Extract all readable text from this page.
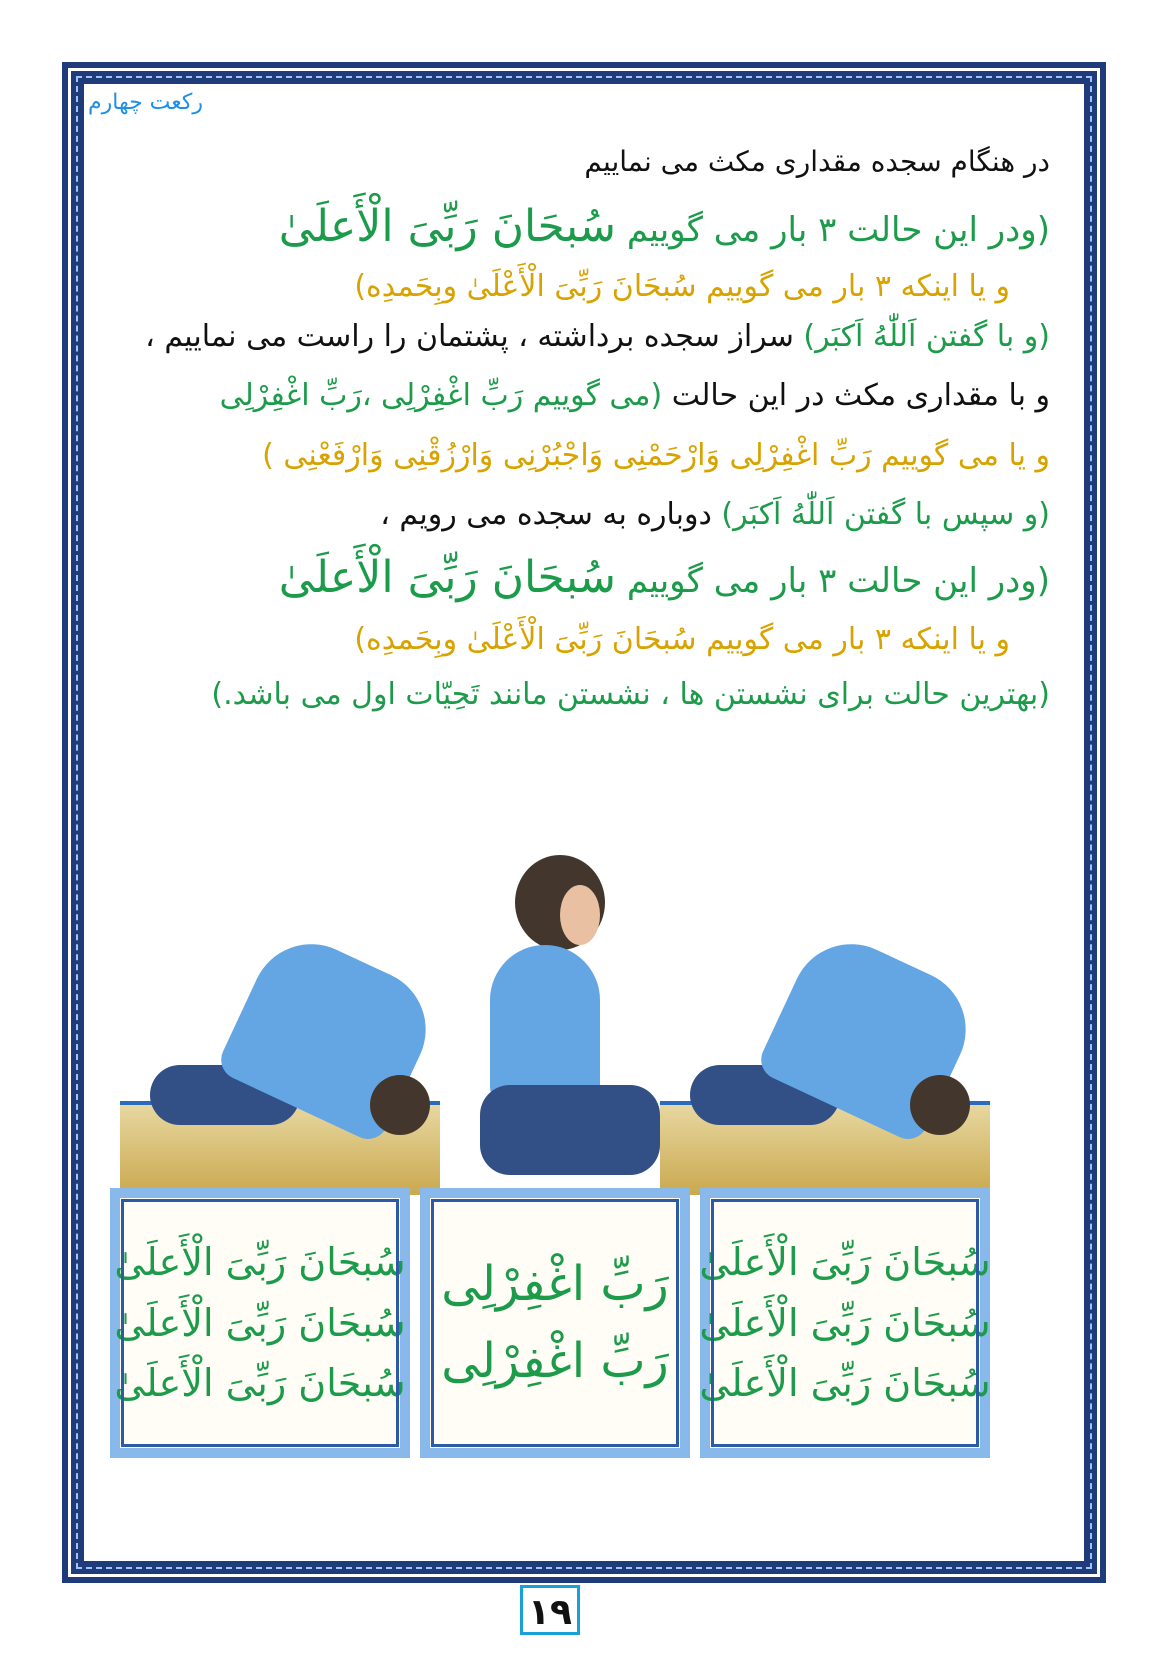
رکعت چهارم

در هنگام سجده مقداری مکث می نماییم

(ودر این حالت ۳ بار می گوییم سُبحَانَ رَبِّیَ الْأَعلَیٰ

و یا اینکه ۳ بار می گوییم سُبحَانَ رَبِّیَ الْأَعْلَیٰ وبِحَمدِه)

(و با گفتن اَللّٰهُ اَکبَر) سراز سجده برداشته ، پشتمان را راست می نماییم ،

و با مقداری مکث در این حالت (می گوییم رَبِّ اغْفِرْلِی ،رَبِّ اغْفِرْلِی

و یا می گوییم رَبِّ اغْفِرْلِی وَارْحَمْنِی وَاجْبُرْنِی وَارْزُقْنِی وَارْفَعْنِی )

(و سپس با گفتن اَللّٰهُ اَکبَر) دوباره به سجده می رویم ،

(ودر این حالت ۳ بار می گوییم سُبحَانَ رَبِّیَ الْأَعلَیٰ

و یا اینکه ۳ بار می گوییم سُبحَانَ رَبِّیَ الْأَعْلَیٰ وبِحَمدِه)

(بهترین حالت برای نشستن ها ، نشستن مانند تَحِیّات اول می باشد.)

سُبحَانَ رَبِّیَ الْأَعلَیٰ
سُبحَانَ رَبِّیَ الْأَعلَیٰ
سُبحَانَ رَبِّیَ الْأَعلَیٰ
رَبِّ اغْفِرْلِی
رَبِّ اغْفِرْلِی
سُبحَانَ رَبِّیَ الْأَعلَیٰ
سُبحَانَ رَبِّیَ الْأَعلَیٰ
سُبحَانَ رَبِّیَ الْأَعلَیٰ
۱۹
